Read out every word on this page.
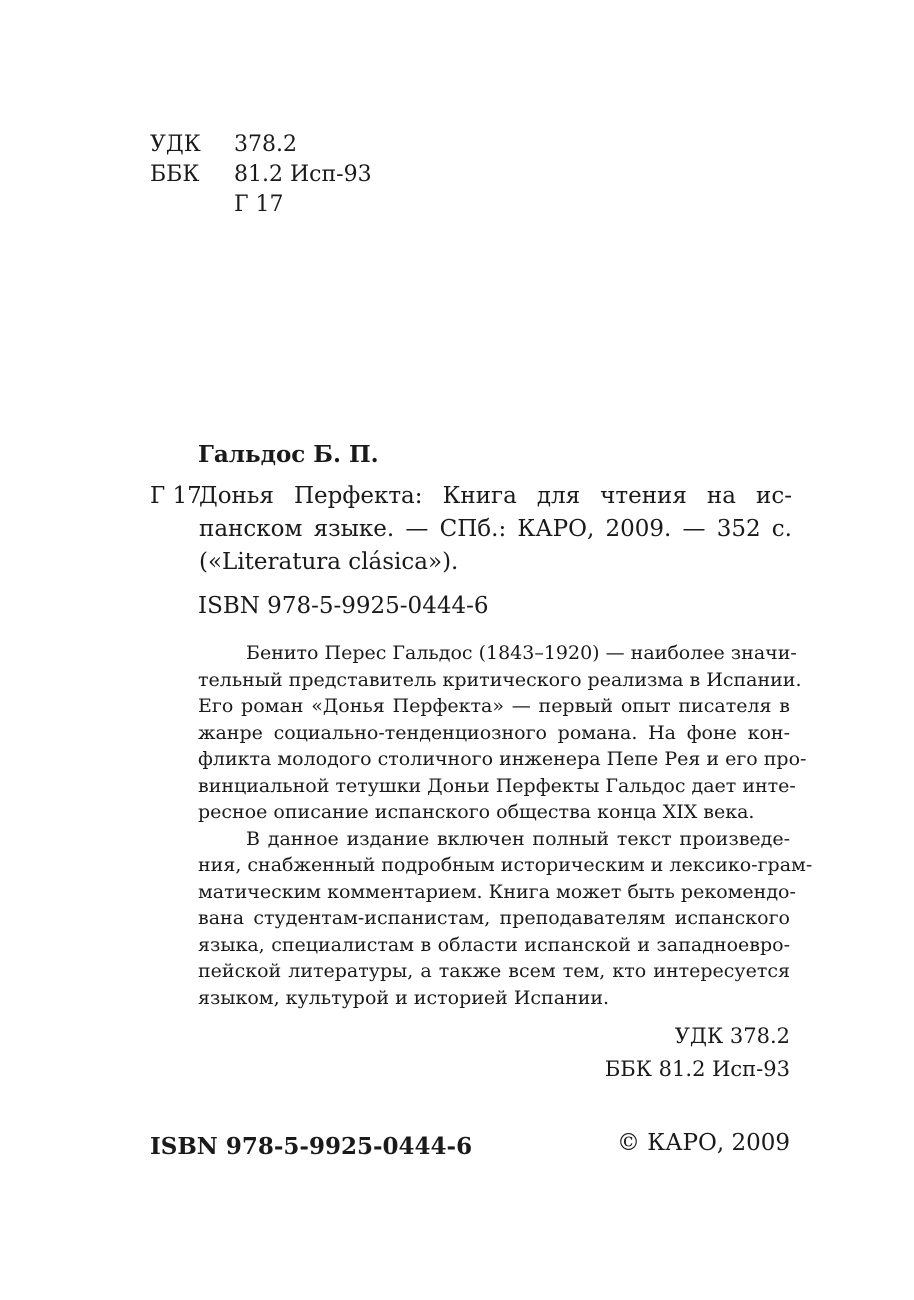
УДК 378.2
ББК 81.2 Исп-93
Г 17
Гальдос Б. П.
Г 17
Донья Перфекта: Книга для чтения на ис-
панском языке. — СПб.: КАРО, 2009. — 352 с.
(«Literatura clásica»).
ISBN 978-5-9925-0444-6
Бенито Перес Гальдос (1843–1920) — наиболее значи-
тельный представитель критического реализма в Испании.
Его роман «Донья Перфекта» — первый опыт писателя в
жанре социально-тенденциозного романа. На фоне кон-
фликта молодого столичного инженера Пепе Рея и его про-
винциальной тетушки Доньи Перфекты Гальдос дает инте-
ресное описание испанского общества конца XIX века.
В данное издание включен полный текст произведе-
ния, снабженный подробным историческим и лексико-грам-
матическим комментарием. Книга может быть рекомендо-
вана студентам-испанистам, преподавателям испанского
языка, специалистам в области испанской и западноевро-
пейской литературы, а также всем тем, кто интересуется
языком, культурой и историей Испании.
УДК 378.2
ББК 81.2 Исп-93
ISBN 978-5-9925-0444-6	© КАРО, 2009
